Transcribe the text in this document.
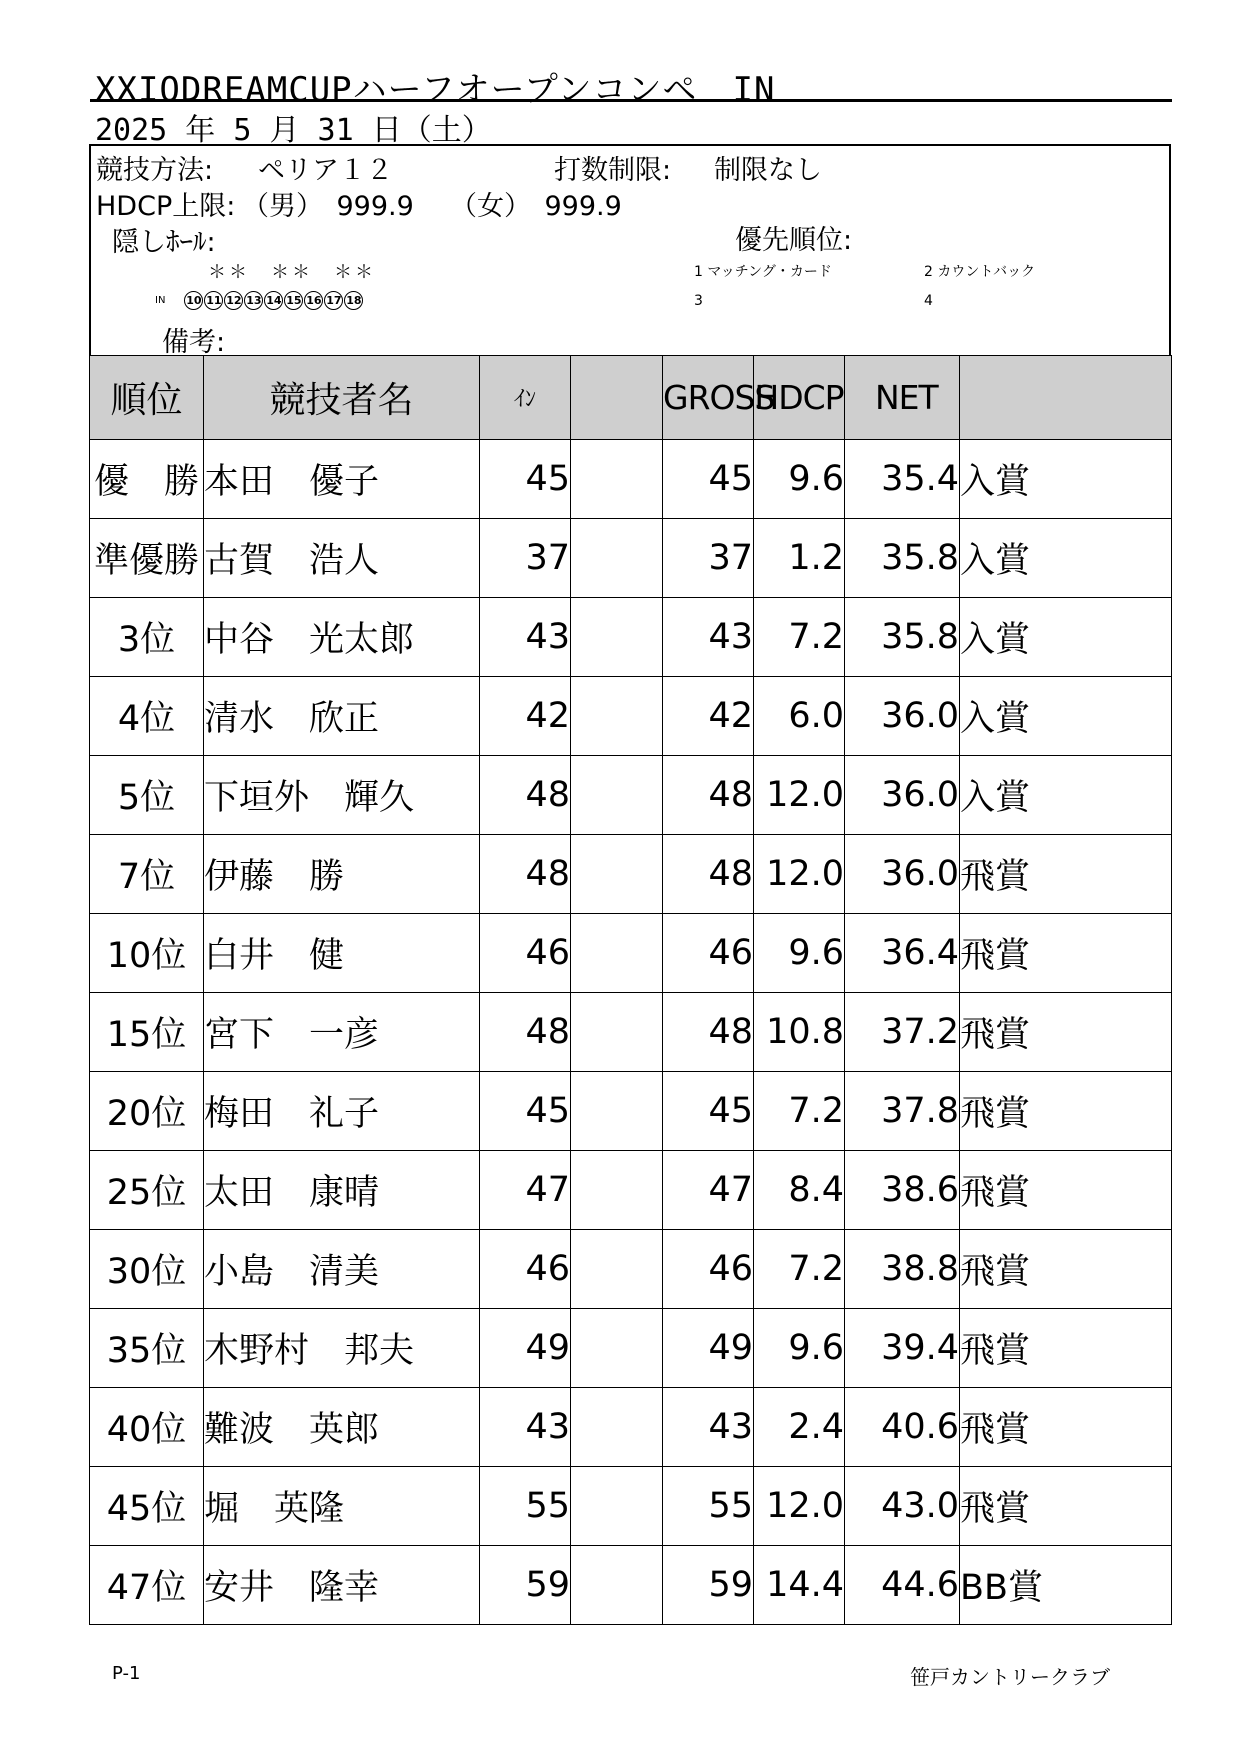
XXIODREAMCUPハーフオープンコンペ　IN
2025 年 5 月 31 日（土）
競技方法: ペリア１２	打数制限: 制限なし
HDCP上限: （男）　999.9 （女）　999.9
隠しﾎｰﾙ:	優先順位:
＊＊　＊＊　＊＊
IN 10 11 12 13 14 15 16 17 18
1 マッチング・カード	2 カウントバック
3	4
備考:
順位	競技者名	ｲﾝ		GROSS	HDCP	NET	
優　勝	本田　優子	45		45	9.6	35.4	入賞
準優勝	古賀　浩人	37		37	1.2	35.8	入賞
3位	中谷　光太郎	43		43	7.2	35.8	入賞
4位	清水　欣正	42		42	6.0	36.0	入賞
5位	下垣外　輝久	48		48	12.0	36.0	入賞
7位	伊藤　勝	48		48	12.0	36.0	飛賞
10位	白井　健	46		46	9.6	36.4	飛賞
15位	宮下　一彦	48		48	10.8	37.2	飛賞
20位	梅田　礼子	45		45	7.2	37.8	飛賞
25位	太田　康晴	47		47	8.4	38.6	飛賞
30位	小島　清美	46		46	7.2	38.8	飛賞
35位	木野村　邦夫	49		49	9.6	39.4	飛賞
40位	難波　英郎	43		43	2.4	40.6	飛賞
45位	堀　英隆	55		55	12.0	43.0	飛賞
47位	安井　隆幸	59		59	14.4	44.6	BB賞
P-1	笹戸カントリークラブ
